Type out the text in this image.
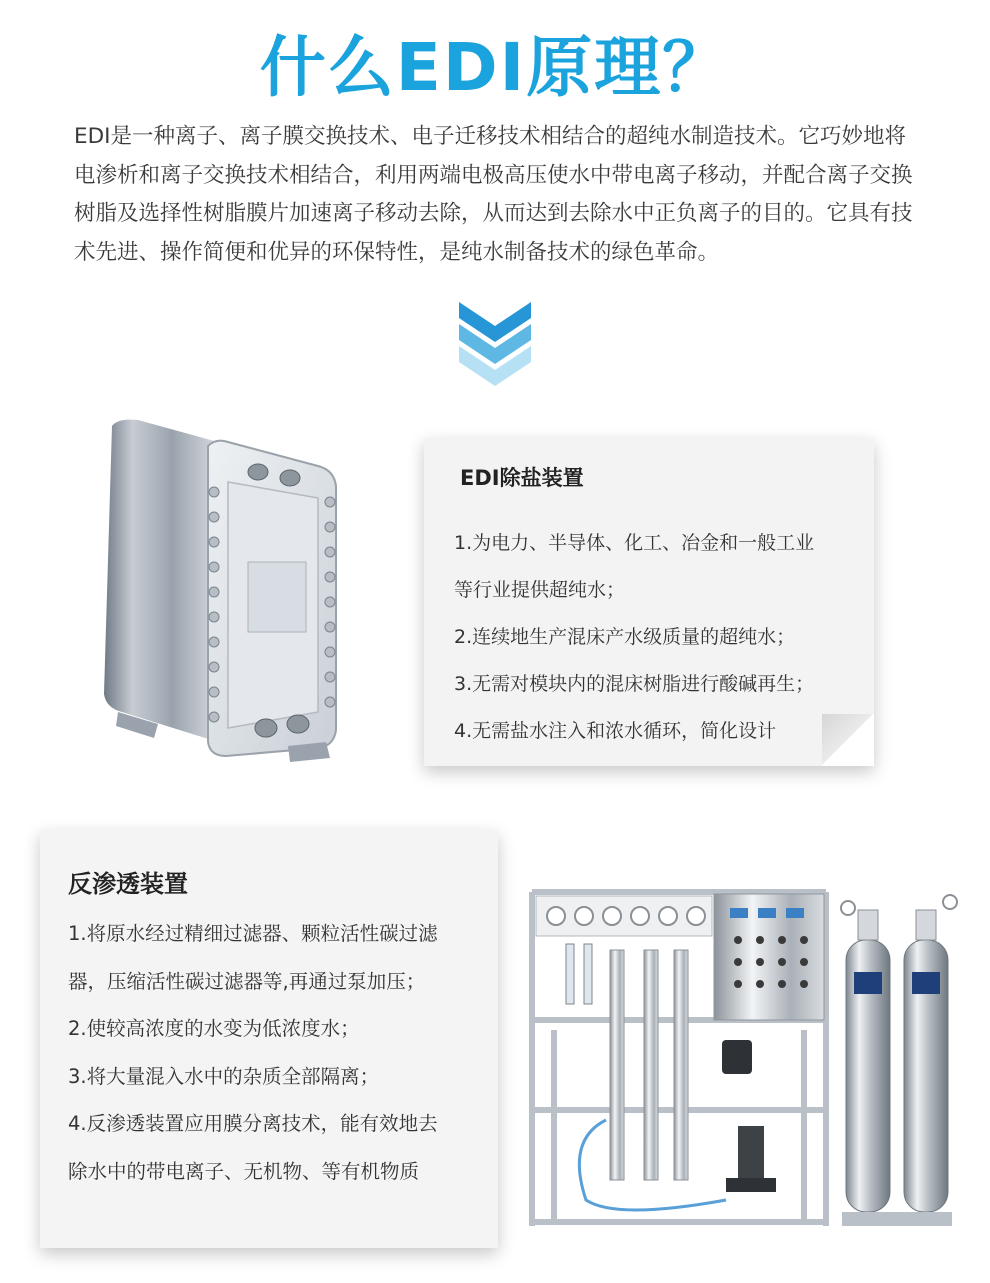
什么EDI原理？

EDI是一种离子、离子膜交换技术、电子迁移技术相结合的超纯水制造技术。它巧妙地将电渗析和离子交换技术相结合，利用两端电极高压使水中带电离子移动，并配合离子交换树脂及选择性树脂膜片加速离子移动去除，从而达到去除水中正负离子的目的。它具有技术先进、操作简便和优异的环保特性，是纯水制备技术的绿色革命。

EDI除盐装置
1.为电力、半导体、化工、冶金和一般工业
等行业提供超纯水；
2.连续地生产混床产水级质量的超纯水；
3.无需对模块内的混床树脂进行酸碱再生；
4.无需盐水注入和浓水循环，简化设计
反渗透装置
1.将原水经过精细过滤器、颗粒活性碳过滤
器，压缩活性碳过滤器等,再通过泵加压；
2.使较高浓度的水变为低浓度水；
3.将大量混入水中的杂质全部隔离；
4.反渗透装置应用膜分离技术，能有效地去
除水中的带电离子、无机物、等有机物质
